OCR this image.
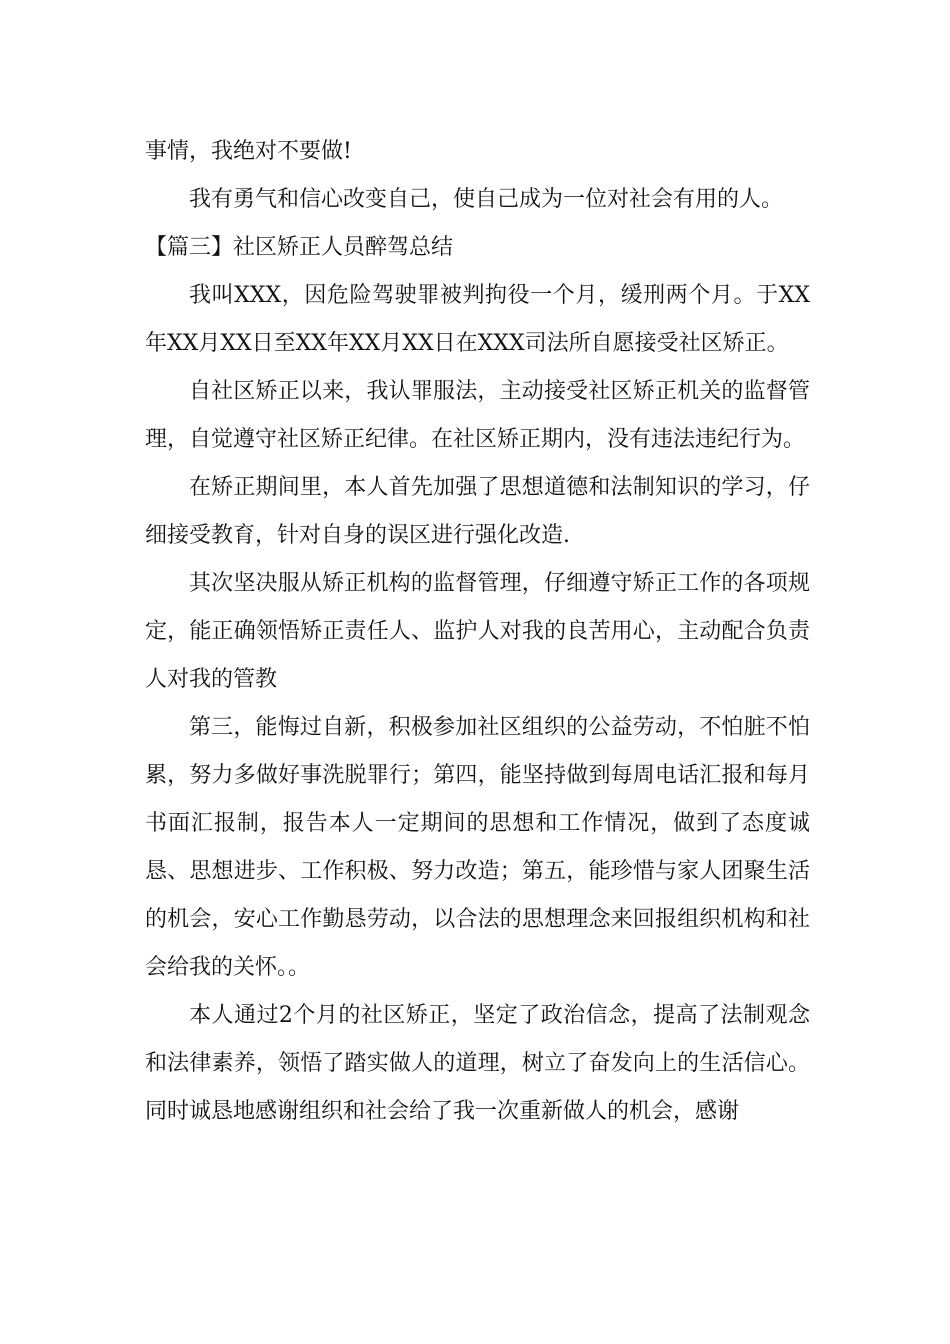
事情，我绝对不要做!

我有勇气和信心改变自己，使自己成为一位对社会有用的人。

【篇三】社区矫正人员醉驾总结

我叫XXX，因危险驾驶罪被判拘役一个月，缓刑两个月。于XX年XX月XX日至XX年XX月XX日在XXX司法所自愿接受社区矫正。

自社区矫正以来，我认罪服法，主动接受社区矫正机关的监督管理，自觉遵守社区矫正纪律。在社区矫正期内，没有违法违纪行为。

在矫正期间里，本人首先加强了思想道德和法制知识的学习，仔细接受教育，针对自身的误区进行强化改造.

其次坚决服从矫正机构的监督管理，仔细遵守矫正工作的各项规定，能正确领悟矫正责任人、监护人对我的良苦用心，主动配合负责人对我的管教

第三，能悔过自新，积极参加社区组织的公益劳动，不怕脏不怕累，努力多做好事洗脱罪行；第四，能坚持做到每周电话汇报和每月书面汇报制，报告本人一定期间的思想和工作情况，做到了态度诚恳、思想进步、工作积极、努力改造；第五，能珍惜与家人团聚生活的机会，安心工作勤恳劳动，以合法的思想理念来回报组织机构和社会给我的关怀。。

本人通过2个月的社区矫正，坚定了政治信念，提高了法制观念和法律素养，领悟了踏实做人的道理，树立了奋发向上的生活信心。同时诚恳地感谢组织和社会给了我一次重新做人的机会，感谢
